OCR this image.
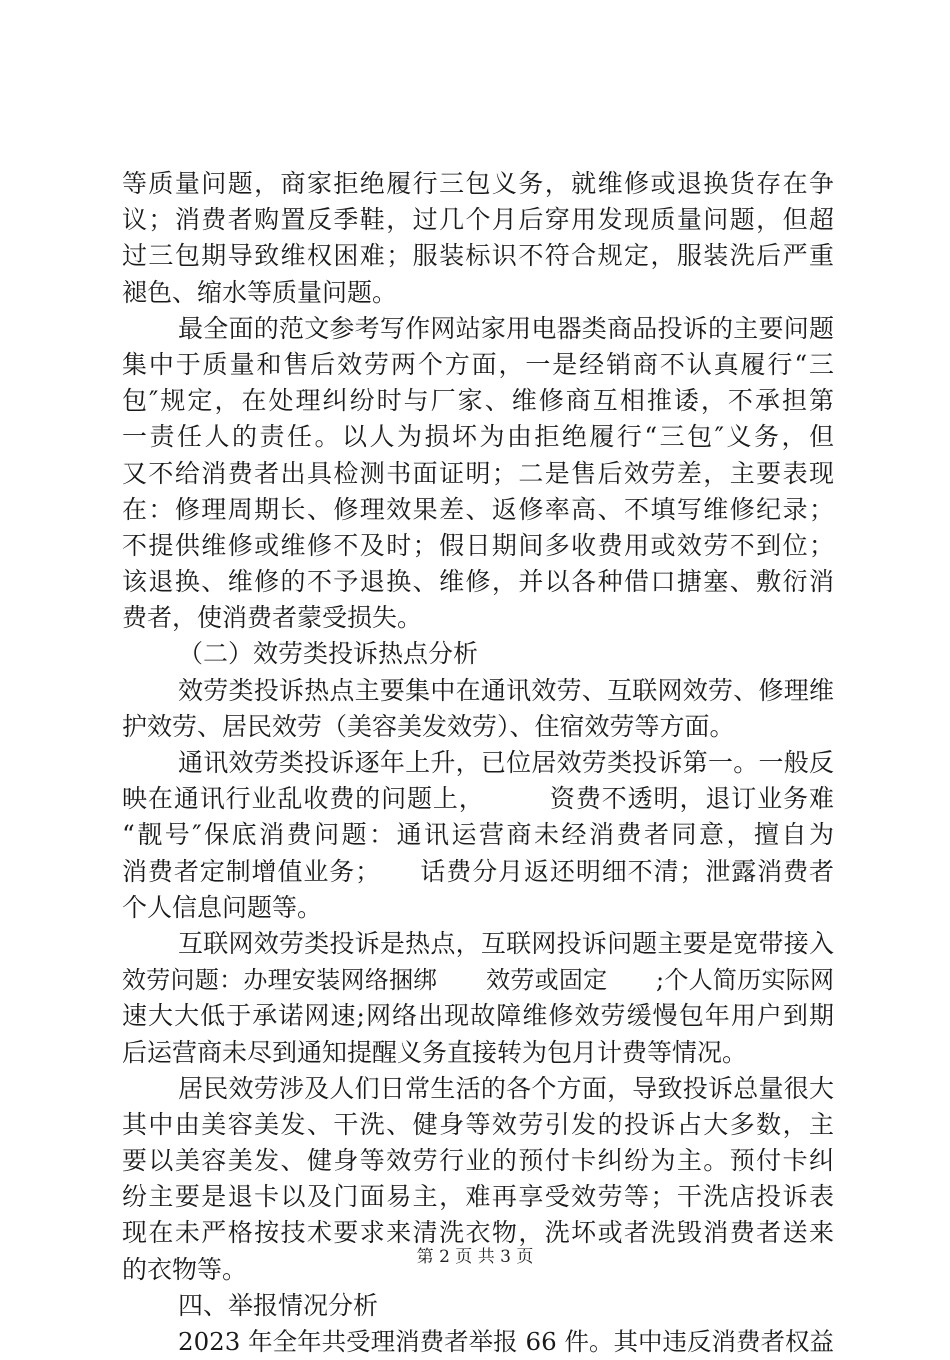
等质量问题，商家拒绝履行三包义务，就维修或退换货存在争
议；消费者购置反季鞋，过几个月后穿用发现质量问题，但超
过三包期导致维权困难；服装标识不符合规定，服装洗后严重
褪色、缩水等质量问题。
最全面的范文参考写作网站家用电器类商品投诉的主要问题
集中于质量和售后效劳两个方面，一是经销商不认真履行“三
包″规定，在处理纠纷时与厂家、维修商互相推诿，不承担第
一责任人的责任。以人为损坏为由拒绝履行“三包″义务，但
又不给消费者出具检测书面证明；二是售后效劳差，主要表现
在：修理周期长、修理效果差、返修率高、不填写维修纪录；
不提供维修或维修不及时；假日期间多收费用或效劳不到位；
该退换、维修的不予退换、维修，并以各种借口搪塞、敷衍消
费者，使消费者蒙受损失。
（二）效劳类投诉热点分析
效劳类投诉热点主要集中在通讯效劳、互联网效劳、修理维
护效劳、居民效劳（美容美发效劳）、住宿效劳等方面。
通讯效劳类投诉逐年上升，已位居效劳类投诉第一。一般反
映在通讯行业乱收费的问题上，　　　资费不透明，退订业务难
“靓号″保底消费问题：通讯运营商未经消费者同意，擅自为
消费者定制增值业务；　　话费分月返还明细不清；泄露消费者
个人信息问题等。
互联网效劳类投诉是热点，互联网投诉问题主要是宽带接入
效劳问题：办理安装网络捆绑　　效劳或固定　　;个人简历实际网
速大大低于承诺网速;网络出现故障维修效劳缓慢包年用户到期
后运营商未尽到通知提醒义务直接转为包月计费等情况。
居民效劳涉及人们日常生活的各个方面，导致投诉总量很大
其中由美容美发、干洗、健身等效劳引发的投诉占大多数，主
要以美容美发、健身等效劳行业的预付卡纠纷为主。预付卡纠
纷主要是退卡以及门面易主，难再享受效劳等；干洗店投诉表
现在未严格按技术要求来清洗衣物，洗坏或者洗毁消费者送来
的衣物等。
四、举报情况分析
2023 年全年共受理消费者举报 66 件。其中违反消费者权益
第 2 页 共 3 页
